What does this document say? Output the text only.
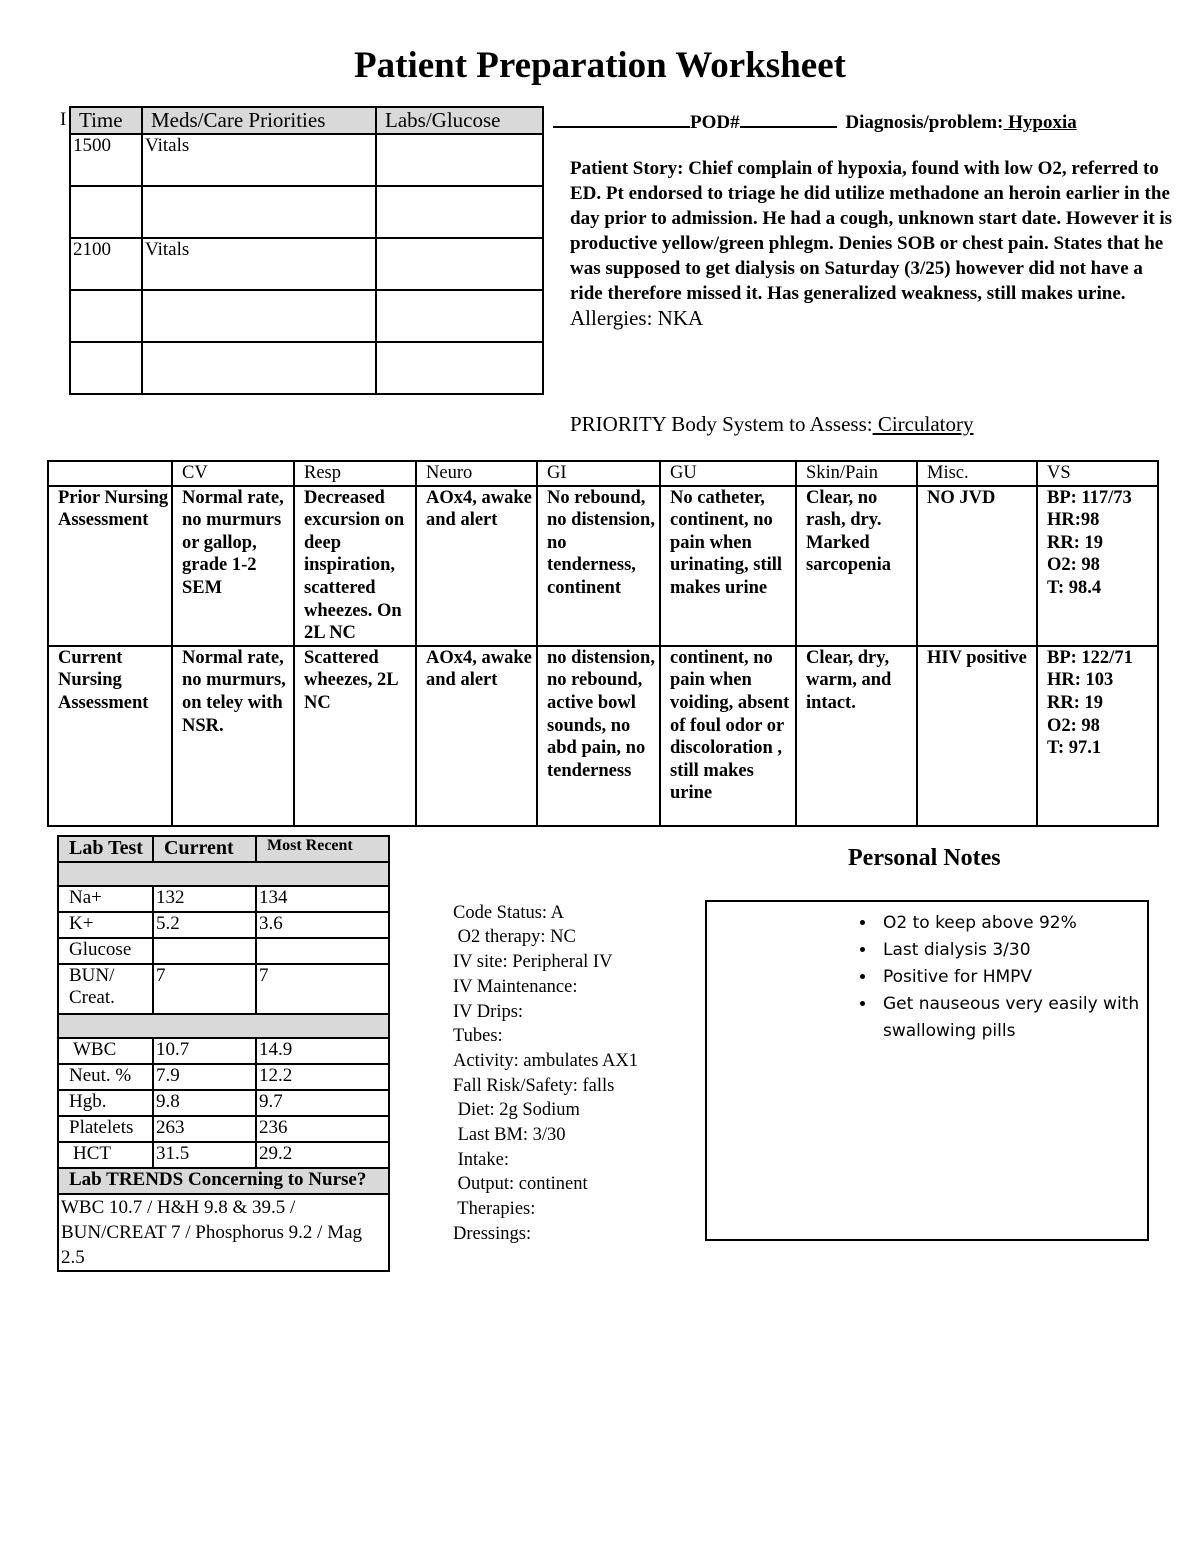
Patient Preparation Worksheet
I Time	Meds/Care Priorities	Labs/Glucose
1500	Vitals	

2100	Vitals	

POD#	Diagnosis/problem: Hypoxia
Patient Story: Chief complain of hypoxia, found with low O2, referred to ED. Pt endorsed to triage he did utilize methadone an heroin earlier in the day prior to admission. He had a cough, unknown start date. However it is productive yellow/green phlegm. Denies SOB or chest pain. States that he was supposed to get dialysis on Saturday (3/25) however did not have a ride therefore missed it. Has generalized weakness, still makes urine.
Allergies: NKA
PRIORITY Body System to Assess: Circulatory
	CV	Resp	Neuro	GI	GU	Skin/Pain	Misc.	VS
Prior Nursing Assessment	Normal rate, no murmurs or gallop, grade 1-2 SEM	Decreased excursion on deep inspiration, scattered wheezes. On 2L NC	AOx4, awake and alert	No rebound, no distension, no tenderness, continent	No catheter, continent, no pain when urinating, still makes urine	Clear, no rash, dry. Marked sarcopenia	NO JVD	BP: 117/73
HR:98
RR: 19
O2: 98
T: 98.4
Current Nursing Assessment	Normal rate, no murmurs, on teley with NSR.	Scattered wheezes, 2L NC	AOx4, awake and alert	no distension, no rebound, active bowl sounds, no abd pain, no tenderness	continent, no pain when voiding, absent of foul odor or discoloration , still makes urine	Clear, dry, warm, and intact.	HIV positive	BP: 122/71
HR: 103
RR: 19
O2: 98
T: 97.1
Lab Test	Current	Most Recent

Na+	132	134
K+	5.2	3.6
Glucose		
BUN/
Creat.	7	7

WBC	10.7	14.9
Neut. %	7.9	12.2
Hgb.	9.8	9.7
Platelets	263	236
HCT	31.5	29.2
Lab TRENDS Concerning to Nurse?		
WBC 10.7 / H&H 9.8 & 39.5 / BUN/CREAT 7 / Phosphorus 9.2 / Mag 2.5		

Code Status: A
O2 therapy: NC
IV site: Peripheral IV
IV Maintenance:
IV Drips:
Tubes:
Activity: ambulates AX1
Fall Risk/Safety: falls
Diet: 2g Sodium
Last BM: 3/30
Intake:
Output: continent
Therapies:
Dressings:

Personal Notes
• O2 to keep above 92%
• Last dialysis 3/30
• Positive for HMPV
• Get nauseous very easily with swallowing pills
